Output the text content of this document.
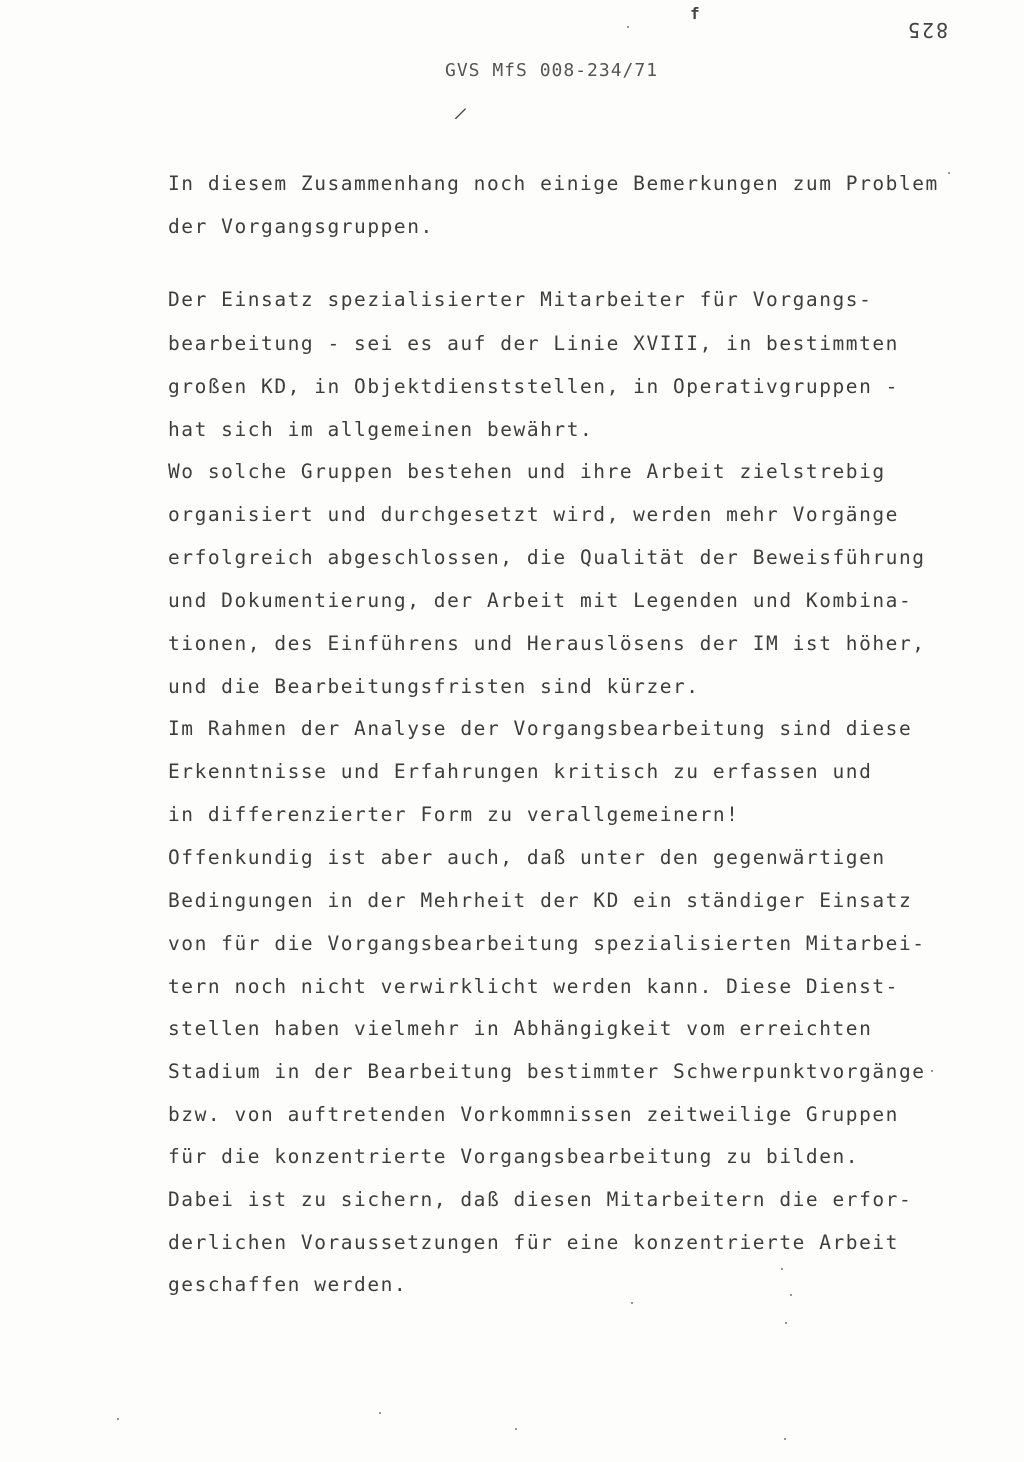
GVS MfS 008-234/71
f
825
/
In diesem Zusammenhang noch einige Bemerkungen zum Problem
der Vorgangsgruppen.
Der Einsatz spezialisierter Mitarbeiter für Vorgangs-
bearbeitung - sei es auf der Linie XVIII, in bestimmten
großen KD, in Objektdienststellen, in Operativgruppen -
hat sich im allgemeinen bewährt.
Wo solche Gruppen bestehen und ihre Arbeit zielstrebig
organisiert und durchgesetzt wird, werden mehr Vorgänge
erfolgreich abgeschlossen, die Qualität der Beweisführung
und Dokumentierung, der Arbeit mit Legenden und Kombina-
tionen, des Einführens und Herauslösens der IM ist höher,
und die Bearbeitungsfristen sind kürzer.
Im Rahmen der Analyse der Vorgangsbearbeitung sind diese
Erkenntnisse und Erfahrungen kritisch zu erfassen und
in differenzierter Form zu verallgemeinern!
Offenkundig ist aber auch, daß unter den gegenwärtigen
Bedingungen in der Mehrheit der KD ein ständiger Einsatz
von für die Vorgangsbearbeitung spezialisierten Mitarbei-
tern noch nicht verwirklicht werden kann. Diese Dienst-
stellen haben vielmehr in Abhängigkeit vom erreichten
Stadium in der Bearbeitung bestimmter Schwerpunktvorgänge
bzw. von auftretenden Vorkommnissen zeitweilige Gruppen
für die konzentrierte Vorgangsbearbeitung zu bilden.
Dabei ist zu sichern, daß diesen Mitarbeitern die erfor-
derlichen Voraussetzungen für eine konzentrierte Arbeit
geschaffen werden.
